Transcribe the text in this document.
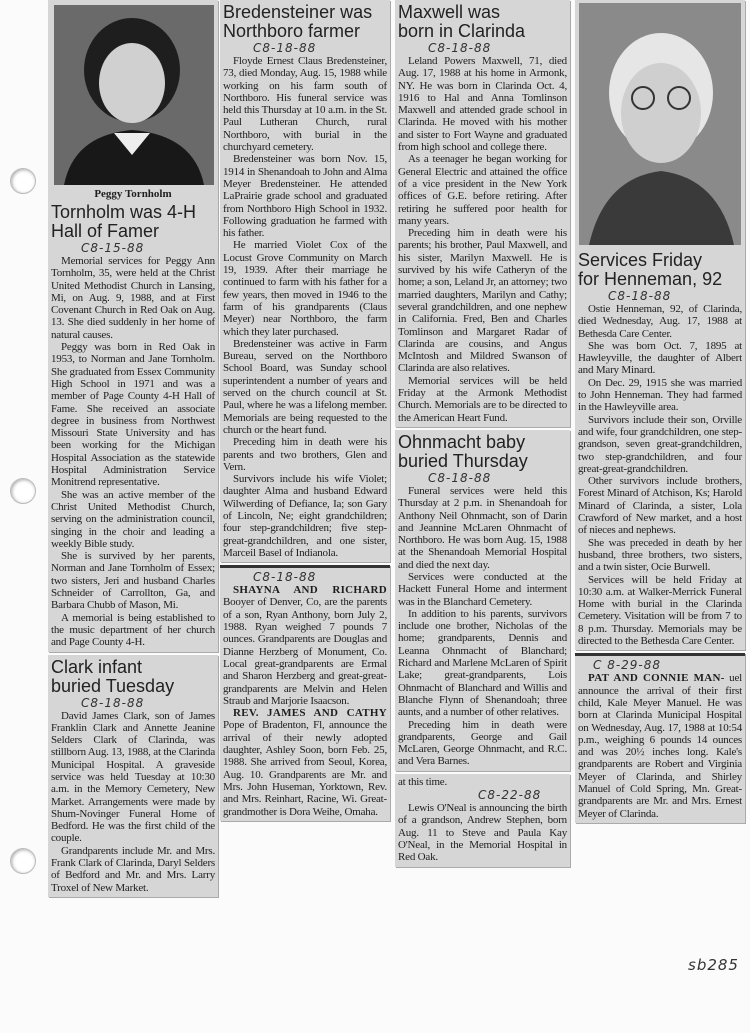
Peggy Tornholm
Tornholm was 4-H Hall of Famer
C8-15-88

Memorial services for Peggy Ann Tornholm, 35, were held at the Christ United Methodist Church in Lansing, Mi, on Aug. 9, 1988, and at First Covenant Church in Red Oak on Aug. 13. She died suddenly in her home of natural causes.

Peggy was born in Red Oak in 1953, to Norman and Jane Tornholm. She graduated from Essex Community High School in 1971 and was a member of Page County 4-H Hall of Fame. She received an associate degree in business from Northwest Missouri State University and has been working for the Michigan Hospital Association as the statewide Hospital Administration Service Monitrend representative.

She was an active member of the Christ United Methodist Church, serving on the administration council, singing in the choir and leading a weekly Bible study.

She is survived by her parents, Norman and Jane Tornholm of Essex; two sisters, Jeri and husband Charles Schneider of Carrollton, Ga, and Barbara Chubb of Mason, Mi.

A memorial is being established to the music department of her church and Page County 4-H.

Clark infant buried Tuesday
C8-18-88

David James Clark, son of James Franklin Clark and Annette Jeanine Selders Clark of Clarinda, was stillborn Aug. 13, 1988, at the Clarinda Municipal Hospital. A graveside service was held Tuesday at 10:30 a.m. in the Memory Cemetery, New Market. Arrangements were made by Shum-Novinger Funeral Home of Bedford. He was the first child of the couple.

Grandparents include Mr. and Mrs. Frank Clark of Clarinda, Daryl Selders of Bedford and Mr. and Mrs. Larry Troxel of New Market.

Bredensteiner was Northboro farmer
C8-18-88

Floyde Ernest Claus Bredensteiner, 73, died Monday, Aug. 15, 1988 while working on his farm south of Northboro. His funeral service was held this Thursday at 10 a.m. in the St. Paul Lutheran Church, rural Northboro, with burial in the churchyard cemetery.

Bredensteiner was born Nov. 15, 1914 in Shenandoah to John and Alma Meyer Bredensteiner. He attended LaPrairie grade school and graduated from Northboro High School in 1932. Following graduation he farmed with his father.

He married Violet Cox of the Locust Grove Community on March 19, 1939. After their marriage he continued to farm with his father for a few years, then moved in 1946 to the farm of his grandparents (Claus Meyer) near Northboro, the farm which they later purchased.

Bredensteiner was active in Farm Bureau, served on the Northboro School Board, was Sunday school superintendent a number of years and served on the church council at St. Paul, where he was a lifelong member. Memorials are being requested to the church or the heart fund.

Preceding him in death were his parents and two brothers, Glen and Vern.

Survivors include his wife Violet; daughter Alma and husband Edward Wilwerding of Defiance, Ia; son Gary of Lincoln, Ne; eight grandchildren; four step-grandchildren; five step-great-grandchildren, and one sister, Marceil Basel of Indianola.

C8-18-88

SHAYNA AND RICHARD Booyer of Denver, Co, are the parents of a son, Ryan Anthony, born July 2, 1988. Ryan weighed 7 pounds 7 ounces. Grandparents are Douglas and Dianne Herzberg of Monument, Co. Local great-grandparents are Ermal and Sharon Herzberg and great-great-grandparents are Melvin and Helen Straub and Marjorie Isaacson.

REV. JAMES AND CATHY Pope of Bradenton, Fl, announce the arrival of their newly adopted daughter, Ashley Soon, born Feb. 25, 1988. She arrived from Seoul, Korea, Aug. 10. Grandparents are Mr. and Mrs. John Huseman, Yorktown, Rev. and Mrs. Reinhart, Racine, Wi. Great-grandmother is Dora Weihe, Omaha.

Maxwell was born in Clarinda
C8-18-88

Leland Powers Maxwell, 71, died Aug. 17, 1988 at his home in Armonk, NY. He was born in Clarinda Oct. 4, 1916 to Hal and Anna Tomlinson Maxwell and attended grade school in Clarinda. He moved with his mother and sister to Fort Wayne and graduated from high school and college there.

As a teenager he began working for General Electric and attained the office of a vice president in the New York offices of G.E. before retiring. After retiring he suffered poor health for many years.

Preceding him in death were his parents; his brother, Paul Maxwell, and his sister, Marilyn Maxwell. He is survived by his wife Catheryn of the home; a son, Leland Jr, an attorney; two married daughters, Marilyn and Cathy; several grandchildren, and one nephew in California. Fred, Ben and Charles Tomlinson and Margaret Radar of Clarinda are cousins, and Angus McIntosh and Mildred Swanson of Clarinda are also relatives.

Memorial services will be held Friday at the Armonk Methodist Church. Memorials are to be directed to the American Heart Fund.

Ohnmacht baby buried Thursday
C8-18-88

Funeral services were held this Thursday at 2 p.m. in Shenandoah for Anthony Neil Ohnmacht, son of Darin and Jeannine McLaren Ohnmacht of Northboro. He was born Aug. 15, 1988 at the Shenandoah Memorial Hospital and died the next day.

Services were conducted at the Hackett Funeral Home and interment was in the Blanchard Cemetery.

In addition to his parents, survivors include one brother, Nicholas of the home; grandparents, Dennis and Leanna Ohnmacht of Blanchard; Richard and Marlene McLaren of Spirit Lake; great-grandparents, Lois Ohnmacht of Blanchard and Willis and Blanche Flynn of Shenandoah; three aunts, and a number of other relatives.

Preceding him in death were grandparents, George and Gail McLaren, George Ohnmacht, and R.C. and Vera Barnes.

at this time.

C8-22-88

Lewis O'Neal is announcing the birth of a grandson, Andrew Stephen, born Aug. 11 to Steve and Paula Kay O'Neal, in the Memorial Hospital in Red Oak.

Services Friday for Henneman, 92
C8-18-88

Ostie Henneman, 92, of Clarinda, died Wednesday, Aug. 17, 1988 at Bethesda Care Center.

She was born Oct. 7, 1895 at Hawleyville, the daughter of Albert and Mary Minard.

On Dec. 29, 1915 she was married to John Henneman. They had farmed in the Hawleyville area.

Survivors include their son, Orville and wife, four grandchildren, one step-grandson, seven great-grandchildren, two step-grandchildren, and four great-great-grandchildren.

Other survivors include brothers, Forest Minard of Atchison, Ks; Harold Minard of Clarinda, a sister, Lola Crawford of New market, and a host of nieces and nephews.

She was preceded in death by her husband, three brothers, two sisters, and a twin sister, Ocie Burwell.

Services will be held Friday at 10:30 a.m. at Walker-Merrick Funeral Home with burial in the Clarinda Cemetery. Visitation will be from 7 to 8 p.m. Thursday. Memorials may be directed to the Bethesda Care Center.

C 8-29-88

PAT AND CONNIE MAN- uel announce the arrival of their first child, Kale Meyer Manuel. He was born at Clarinda Municipal Hospital on Wednesday, Aug. 17, 1988 at 10:54 p.m., weighing 6 pounds 14 ounces and was 20½ inches long. Kale's grandparents are Robert and Virginia Meyer of Clarinda, and Shirley Manuel of Cold Spring, Mn. Great-grandparents are Mr. and Mrs. Ernest Meyer of Clarinda.

sb285
